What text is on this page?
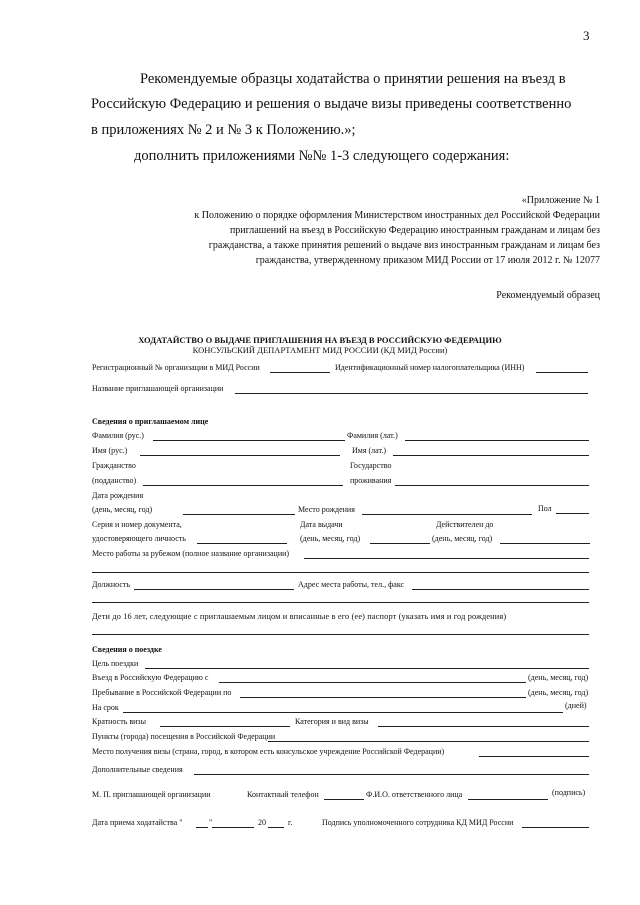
3
Рекомендуемые образцы ходатайства о принятии решения на въезд в
Российскую Федерацию и решения о выдаче визы приведены соответственно
в приложениях № 2 и № 3 к Положению.»;
дополнить приложениями №№ 1-3 следующего содержания:
«Приложение № 1
к Положению о порядке оформления Министерством иностранных дел Российской Федерации
приглашений на въезд в Российскую Федерацию иностранным гражданам и лицам без
гражданства, а также принятия решений о выдаче виз иностранным гражданам и лицам без
гражданства, утвержденному приказом МИД России от 17 июля 2012 г. № 12077
Рекомендуемый образец
ХОДАТАЙСТВО О ВЫДАЧЕ ПРИГЛАШЕНИЯ НА ВЪЕЗД В РОССИЙСКУЮ ФЕДЕРАЦИЮ
КОНСУЛЬСКИЙ ДЕПАРТАМЕНТ МИД РОССИИ (КД МИД России)
Регистрационный № организации в МИД России	Идентификационный номер налогоплательщика (ИНН)
Название приглашающей организации
Сведения о приглашаемом лице
Фамилия (рус.)	Фамилия (лат.)
Имя (рус.)	Имя (лат.)
Гражданство	Государство
(подданство)	проживания
Дата рождения
(день, месяц, год)	Место рождения	Пол
Серия и номер документа,	Дата выдачи	Действителен до
удостоверяющего личность	(день, месяц, год)	(день, месяц, год)
Место работы за рубежом (полное название организации)
Должность	Адрес места работы, тел., факс
Дети до 16 лет, следующие с приглашаемым лицом и вписанные в его (ее) паспорт (указать имя и год рождения)
Сведения о поездке
Цель поездки
Въезд в Российскую Федерацию с	(день, месяц, год)
Пребывание в Российской Федерации по	(день, месяц, год)
На срок	(дней)
Кратность визы	Категория и вид визы
Пункты (города) посещения в Российской Федерации
Место получения визы (страна, город, в котором есть консульское учреждение Российской Федерации)
Дополнительные сведения
М. П. приглашающей организации	Контактный телефон	Ф.И.О. ответственного лица	(подпись)
Дата приема ходатайства "	"	20	г.	Подпись уполномоченного сотрудника КД МИД России
